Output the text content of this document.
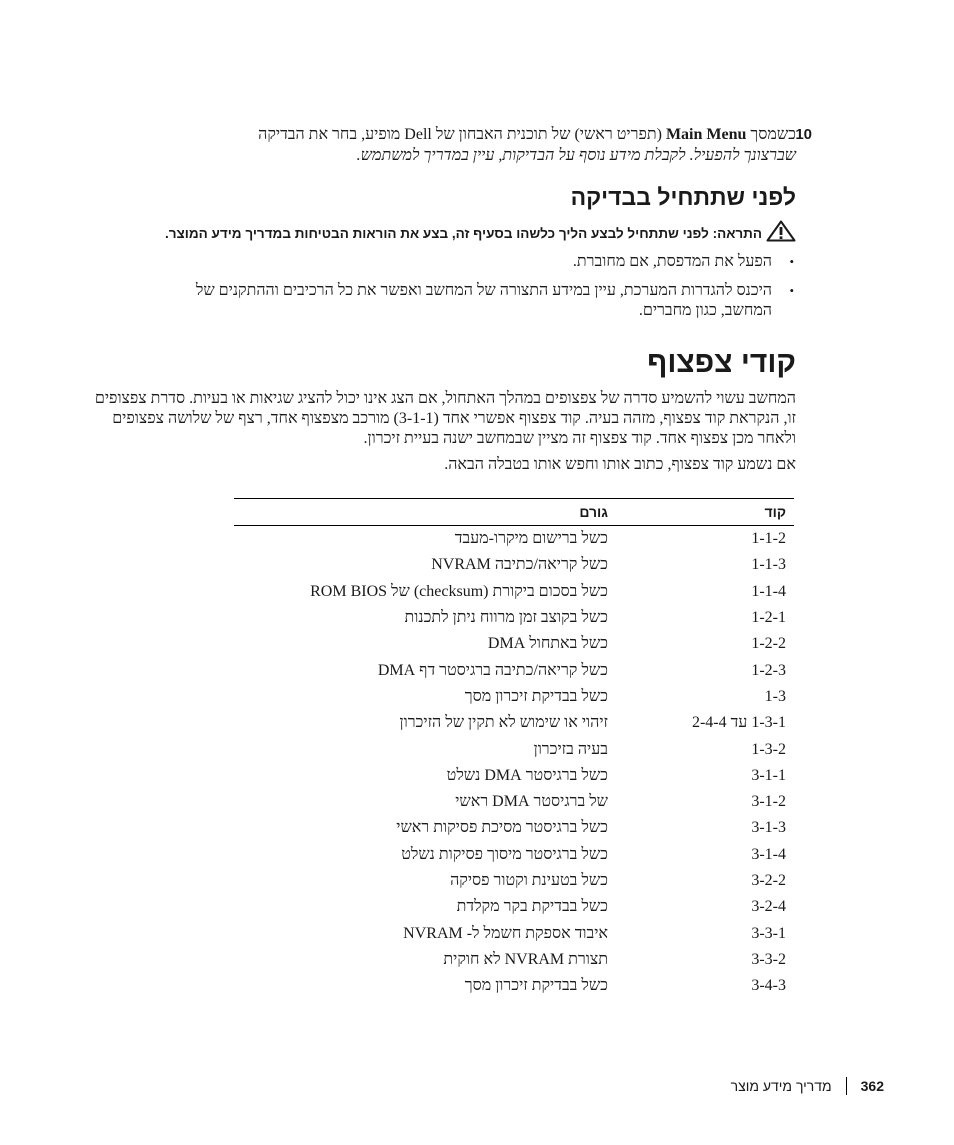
10
כשמסך Main Menu (תפריט ראשי) של תוכנית האבחון של Dell מופיע, בחר את הבדיקה
שברצונך להפעיל. לקבלת מידע נוסף על הבדיקות, עיין במדריך למשתמש.
לפני שתתחיל בבדיקה
התראה: לפני שתתחיל לבצע הליך כלשהו בסעיף זה, בצע את הוראות הבטיחות במדריך מידע המוצר.
•
הפעל את המדפסת, אם מחוברת.
•
היכנס להגדרות המערכת, עיין במידע התצורה של המחשב ואפשר את כל הרכיבים וההתקנים של המחשב, כגון מחברים.
קודי צפצוף

המחשב עשוי להשמיע סדרה של צפצופים במהלך האתחול, אם הצג אינו יכול להציג שגיאות או בעיות. סדרת צפצופים זו, הנקראת קוד צפצוף, מזהה בעיה. קוד צפצוף אפשרי אחד (3-1-1) מורכב מצפצוף אחד, רצף של שלושה צפצופים ולאחר מכן צפצוף אחד. קוד צפצוף זה מציין שבמחשב ישנה בעיית זיכרון.

אם נשמע קוד צפצוף, כתוב אותו וחפש אותו בטבלה הבאה.

קוד	גורם
1-1-2	כשל ברישום מיקרו-מעבד
1-1-3	כשל קריאה/כתיבה NVRAM
1-1-4	כשל בסכום ביקורת (checksum) של ROM BIOS
1-2-1	כשל בקוצב זמן מרווח ניתן לתכנות
1-2-2	כשל באתחול DMA
1-2-3	כשל קריאה/כתיבה ברגיסטר דף DMA
1-3	כשל בבדיקת זיכרון מסך
1-3-1 עד 2-4-4	זיהוי או שימוש לא תקין של הזיכרון
1-3-2	בעיה בזיכרון
3-1-1	כשל ברגיסטר DMA נשלט
3-1-2	של ברגיסטר DMA ראשי
3-1-3	כשל ברגיסטר מסיכת פסיקות ראשי
3-1-4	כשל ברגיסטר מיסוך פסיקות נשלט
3-2-2	כשל בטעינת וקטור פסיקה
3-2-4	כשל בבדיקת בקר מקלדת
3-3-1	איבוד אספקת חשמל ל- NVRAM
3-3-2	תצורת NVRAM לא חוקית
3-4-3	כשל בבדיקת זיכרון מסך
362
מדריך מידע מוצר
